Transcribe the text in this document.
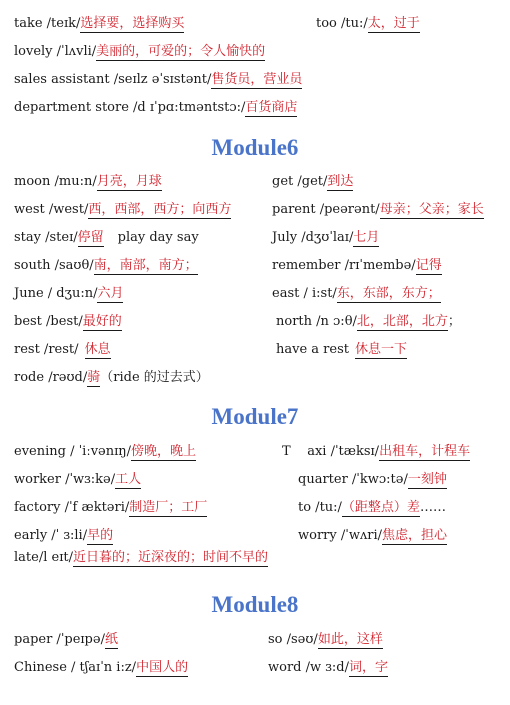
take /teɪk/选择要，选择购买	too /tu:/太，过于
lovely /ˈlʌvli/美丽的，可爱的；令人愉快的
sales assistant /seɪlz əˈsɪstənt/售货员，营业员
department store /d ɪˈpɑ:tməntstɔ:/百货商店
Module6
moon /mu:n/月亮，月球	get /get/到达
west /west/西，西部，西方；向西方	parent /peərənt/母亲；父亲；家长
stay /steɪ/停留 play day say	July /dʒʊˈlaɪ/七月
south /saʊθ/南，南部，南方；	remember /rɪˈmembə/记得
June / dʒu:n/六月	east / i:st/东，东部，东方；
best /best/最好的	north /n ɔ:θ/北，北部，北方；
rest /rest/ 休息	have a rest 休息一下
rode /rəʊd/骑（ride 的过去式）
Module7
evening / ˈiːvənɪŋ/傍晚，晚上	T    axi /ˈtæksɪ/出租车，计程车
worker /ˈwɜ:kə/工人	quarter /ˈkwɔ:tə/一刻钟
factory /ˈf æktəri/制造厂；工厂	to /tu:/（距整点）差……
early /ˈ ɜ:li/早的	worry /ˈwʌri/焦虑，担心
late/l eɪt/近日暮的；近深夜的；时间不早的
Module8
paper /ˈpeɪpə/纸	so /səʊ/如此，这样
Chinese / tʃaɪˈn i:z/中国人的	word /w ɜ:d/词，字
